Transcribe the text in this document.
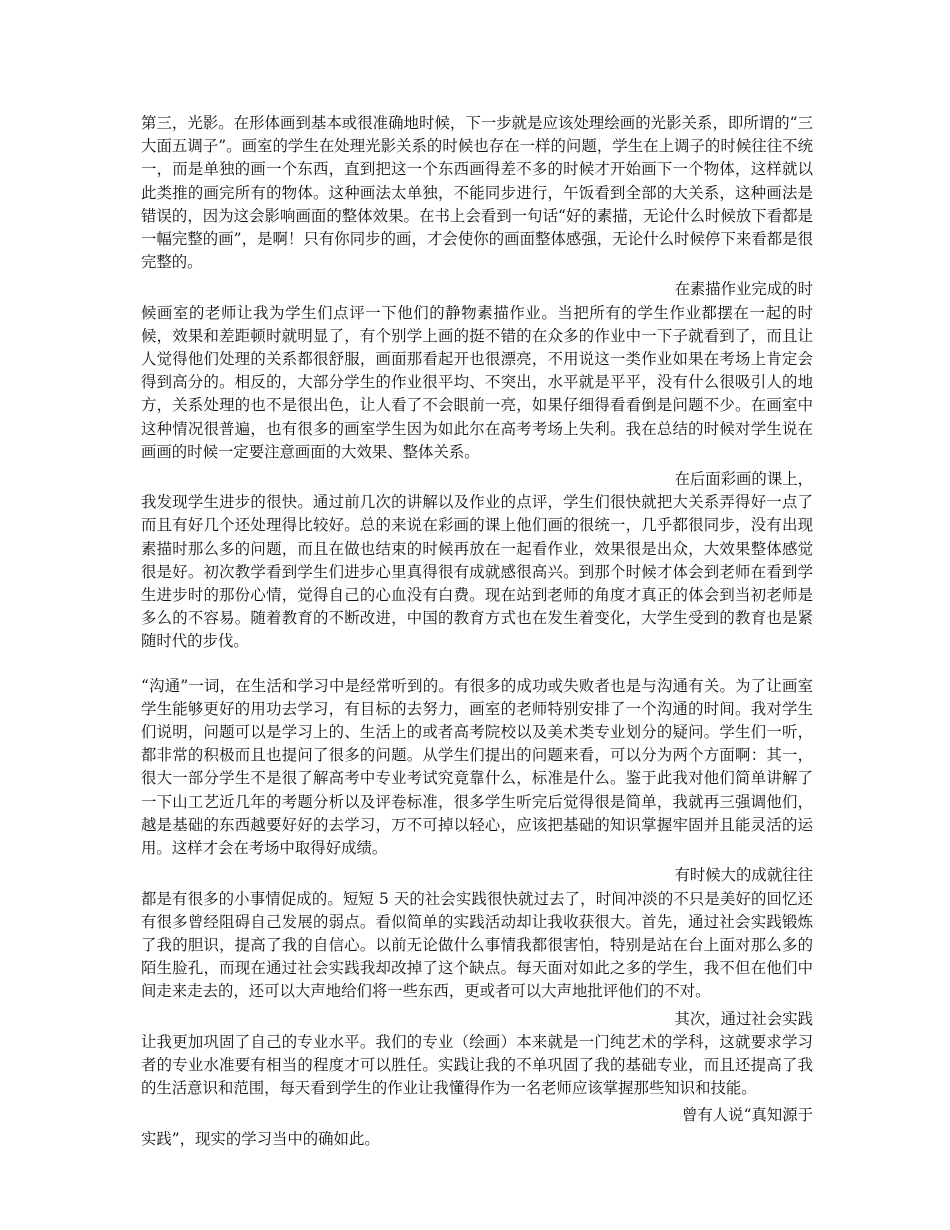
第三，光影。在形体画到基本或很准确地时候，下一步就是应该处理绘画的光影关系，即所谓的“三大面五调子”。画室的学生在处理光影关系的时候也存在一样的问题，学生在上调子的时候往往不统一，而是单独的画一个东西，直到把这一个东西画得差不多的时候才开始画下一个物体，这样就以此类推的画完所有的物体。这种画法太单独，不能同步进行，午饭看到全部的大关系，这种画法是错误的，因为这会影响画面的整体效果。在书上会看到一句话“好的素描，无论什么时候放下看都是一幅完整的画”，是啊！只有你同步的画，才会使你的画面整体感强，无论什么时候停下来看都是很完整的。

在素描作业完成的时

候画室的老师让我为学生们点评一下他们的静物素描作业。当把所有的学生作业都摆在一起的时候，效果和差距顿时就明显了，有个别学上画的挺不错的在众多的作业中一下子就看到了，而且让人觉得他们处理的关系都很舒服，画面那看起开也很漂亮，不用说这一类作业如果在考场上肯定会得到高分的。相反的，大部分学生的作业很平均、不突出，水平就是平平，没有什么很吸引人的地方，关系处理的也不是很出色，让人看了不会眼前一亮，如果仔细得看看倒是问题不少。在画室中这种情况很普遍，也有很多的画室学生因为如此尔在高考考场上失利。我在总结的时候对学生说在画画的时候一定要注意画面的大效果、整体关系。

在后面彩画的课上，

我发现学生进步的很快。通过前几次的讲解以及作业的点评，学生们很快就把大关系弄得好一点了而且有好几个还处理得比较好。总的来说在彩画的课上他们画的很统一，几乎都很同步，没有出现素描时那么多的问题，而且在做也结束的时候再放在一起看作业，效果很是出众，大效果整体感觉很是好。初次教学看到学生们进步心里真得很有成就感很高兴。到那个时候才体会到老师在看到学生进步时的那份心情，觉得自己的心血没有白费。现在站到老师的角度才真正的体会到当初老师是多么的不容易。随着教育的不断改进，中国的教育方式也在发生着变化，大学生受到的教育也是紧随时代的步伐。

“沟通”一词，在生活和学习中是经常听到的。有很多的成功或失败者也是与沟通有关。为了让画室学生能够更好的用功去学习，有目标的去努力，画室的老师特别安排了一个沟通的时间。我对学生们说明，问题可以是学习上的、生活上的或者高考院校以及美术类专业划分的疑问。学生们一听，都非常的积极而且也提问了很多的问题。从学生们提出的问题来看，可以分为两个方面啊：其一，很大一部分学生不是很了解高考中专业考试究竟靠什么，标准是什么。鉴于此我对他们简单讲解了一下山工艺近几年的考题分析以及评卷标准，很多学生听完后觉得很是简单，我就再三强调他们，越是基础的东西越要好好的去学习，万不可掉以轻心，应该把基础的知识掌握牢固并且能灵活的运用。这样才会在考场中取得好成绩。

有时候大的成就往往

都是有很多的小事情促成的。短短 5 天的社会实践很快就过去了，时间冲淡的不只是美好的回忆还有很多曾经阻碍自己发展的弱点。看似简单的实践活动却让我收获很大。首先，通过社会实践锻炼了我的胆识，提高了我的自信心。以前无论做什么事情我都很害怕，特别是站在台上面对那么多的陌生脸孔，而现在通过社会实践我却改掉了这个缺点。每天面对如此之多的学生，我不但在他们中间走来走去的，还可以大声地给们将一些东西，更或者可以大声地批评他们的不对。

其次，通过社会实践

让我更加巩固了自己的专业水平。我们的专业（绘画）本来就是一门纯艺术的学科，这就要求学习者的专业水准要有相当的程度才可以胜任。实践让我的不单巩固了我的基础专业，而且还提高了我的生活意识和范围，每天看到学生的作业让我懂得作为一名老师应该掌握那些知识和技能。

曾有人说“真知源于

实践”，现实的学习当中的确如此。
